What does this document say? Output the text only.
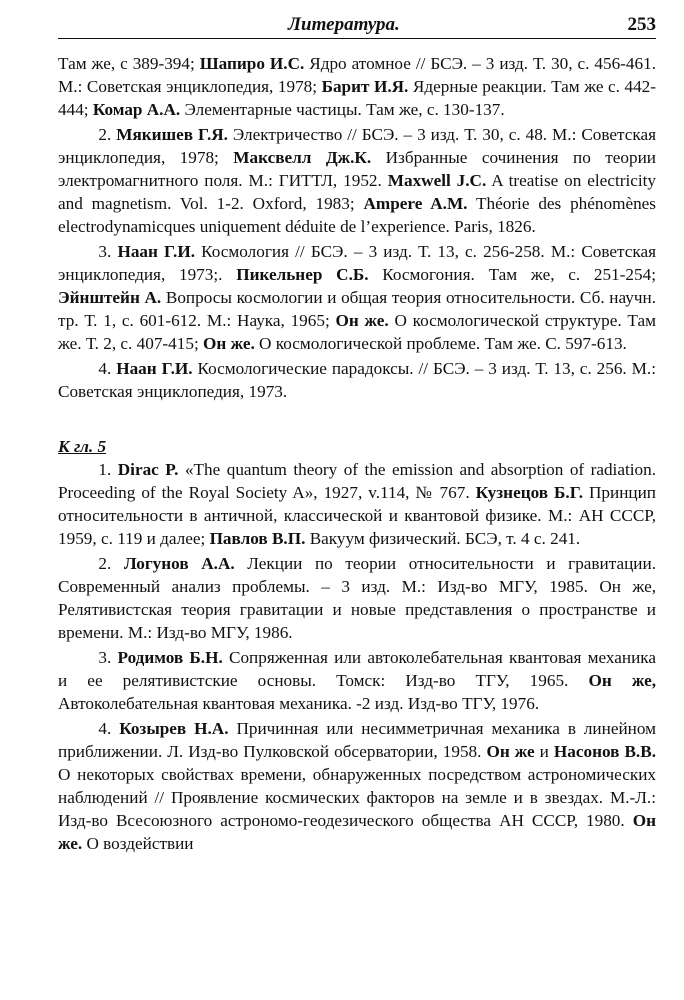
Литература.	253

Там же, с 389-394; Шапиро И.С. Ядро атомное // БСЭ. – 3 изд. Т. 30, с. 456-461. М.: Советская энциклопедия, 1978; Барит И.Я. Ядерные реакции. Там же с. 442-444; Комар А.А. Элементарные частицы. Там же, с. 130-137.

2. Мякишев Г.Я. Электричество // БСЭ. – 3 изд. Т. 30, с. 48. М.: Советская энциклопедия, 1978; Максвелл Дж.К. Избранные сочинения по теории электромагнитного поля. М.: ГИТТЛ, 1952. Maxwell J.C. A treatise on electricity and magnetism. Vol. 1-2. Oxford, 1983; Ampere A.M. Théorie des phénomènes electrodynamicques uniquement déduite de l’experience. Paris, 1826.

3. Наан Г.И. Космология // БСЭ. – 3 изд. Т. 13, с. 256-258. М.: Советская энциклопедия, 1973;. Пикельнер С.Б. Космогония. Там же, с. 251-254; Эйнштейн А. Вопросы космологии и общая теория относительности. Сб. научн. тр. Т. 1, с. 601-612. М.: Наука, 1965; Он же. О космологической структуре. Там же. Т. 2, с. 407-415; Он же. О космологической проблеме. Там же. С. 597-613.

4. Наан Г.И. Космологические парадоксы. // БСЭ. – 3 изд. Т. 13, с. 256. М.: Советская энциклопедия, 1973.

К гл. 5

1. Dirac P. «The quantum theory of the emission and absorption of radiation. Proceeding of the Royal Society A», 1927, v.114, № 767. Кузнецов Б.Г. Принцип относительности в античной, классической и квантовой физике. М.: АН СССР, 1959, с. 119 и далее; Павлов В.П. Вакуум физический. БСЭ, т. 4 с. 241.

2. Логунов А.А. Лекции по теории относительности и гравитации. Современный анализ проблемы. – 3 изд. М.: Изд-во МГУ, 1985. Он же, Релятивистская теория гравитации и новые представления о пространстве и времени. М.: Изд-во МГУ, 1986.

3. Родимов Б.Н. Сопряженная или автоколебательная квантовая механика и ее релятивистские основы. Томск: Изд-во ТГУ, 1965. Он же, Автоколебательная квантовая механика. -2 изд. Изд-во ТГУ, 1976.

4. Козырев Н.А. Причинная или несимметричная механика в линейном приближении. Л. Изд-во Пулковской обсерватории, 1958. Он же и Насонов В.В. О некоторых свойствах времени, обнаруженных посредством астрономических наблюдений // Проявление космических факторов на земле и в звездах. М.-Л.: Изд-во Всесоюзного астрономо-геодезического общества АН СССР, 1980. Он же. О воздействии
